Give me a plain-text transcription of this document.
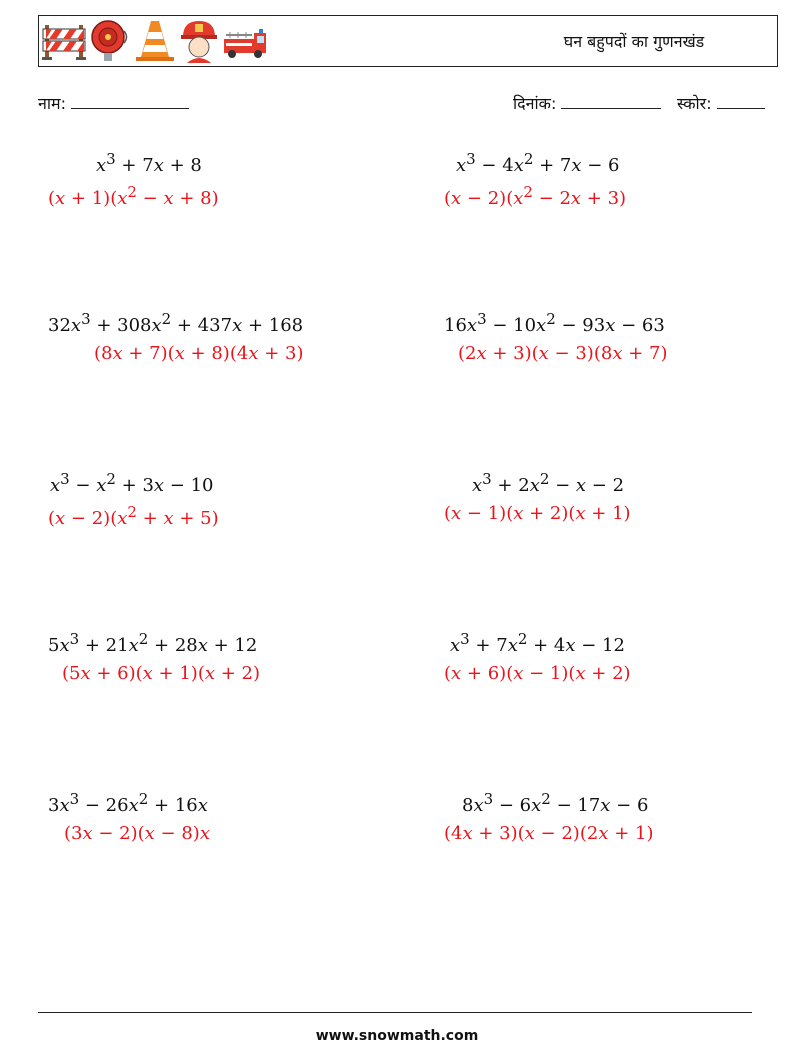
घन बहुपदों का गुणनखंड
नाम:	दिनांक:	स्कोर:
$x^3 + 7x + 8$
$(x + 1)(x^2 - x + 8)$
$x^3 - 4x^2 + 7x - 6$
$(x - 2)(x^2 - 2x + 3)$
$32x^3 + 308x^2 + 437x + 168$
(8x + 7)(x + 8)(4x + 3)
$16x^3 - 10x^2 - 93x - 63$
(2x + 3)(x − 3)(8x + 7)
$x^3 - x^2 + 3x - 10$
$(x - 2)(x^2 + x + 5)$
$x^3 + 2x^2 - x - 2$
(x − 1)(x + 2)(x + 1)
$5x^3 + 21x^2 + 28x + 12$
(5x + 6)(x + 1)(x + 2)
$x^3 + 7x^2 + 4x - 12$
(x + 6)(x − 1)(x + 2)
$3x^3 - 26x^2 + 16x$
(3x − 2)(x − 8)x
$8x^3 - 6x^2 - 17x - 6$
(4x + 3)(x − 2)(2x + 1)
www.snowmath.com
